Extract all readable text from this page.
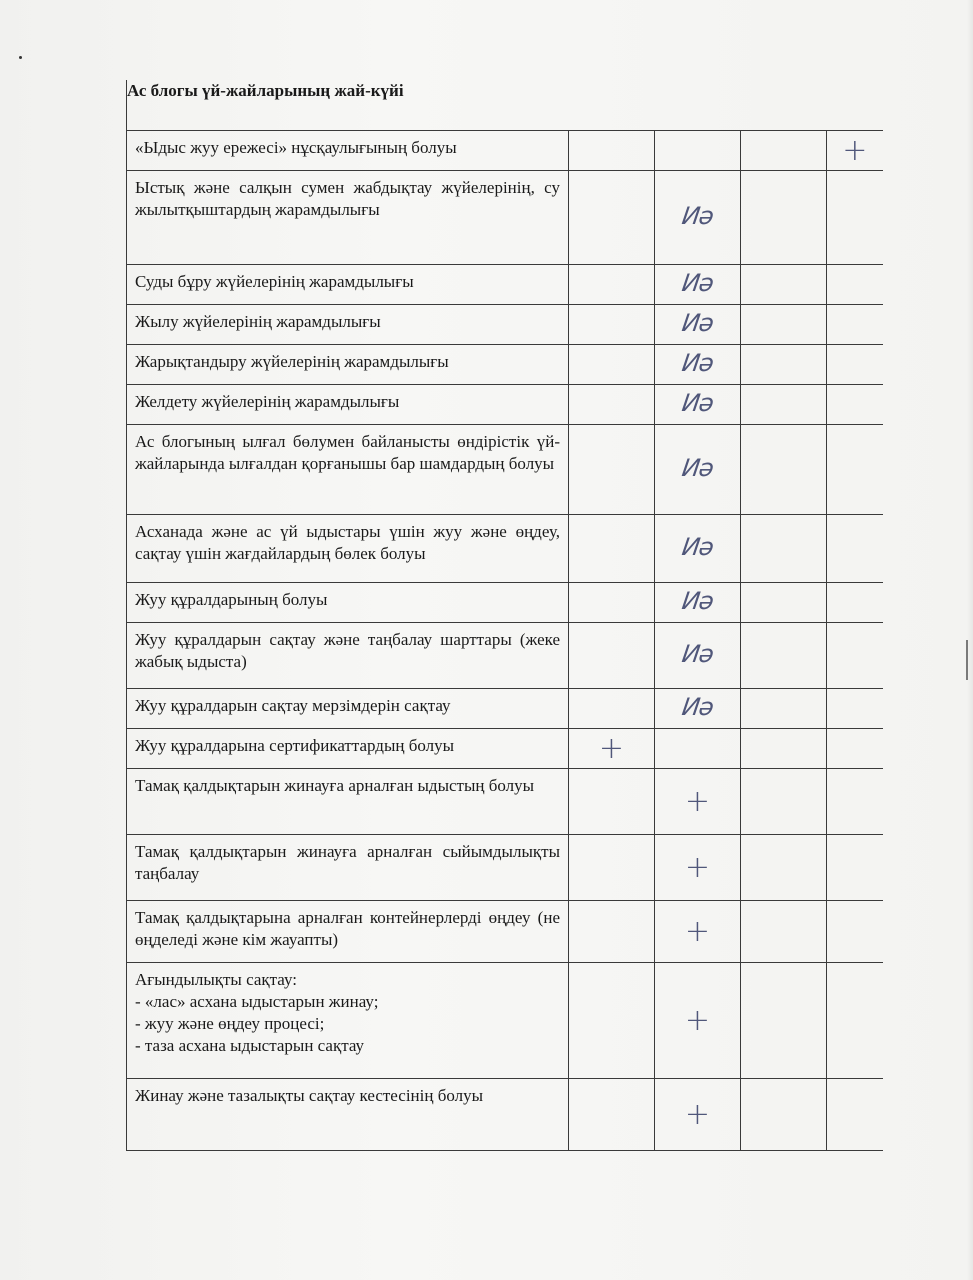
Ас блогы үй-жайларының жай-күйі				
«Ыдыс жуу ережесі» нұсқаулығының болуы				+
Ыстық және салқын сумен жабдықтау жүйелерінің, су жылытқыштардың жарамдылығы		Иә		
Суды бұру жүйелерінің жарамдылығы		Иә		
Жылу жүйелерінің жарамдылығы		Иә		
Жарықтандыру жүйелерінің жарамдылығы		Иә		
Желдету жүйелерінің жарамдылығы		Иә		
Ас блогының ылғал бөлумен байланысты өндірістік үй-жайларында ылғалдан қорғанышы бар шамдардың болуы		Иә		
Асханада және ас үй ыдыстары үшін жуу және өңдеу, сақтау үшін жағдайлардың бөлек болуы		Иә		
Жуу құралдарының болуы		Иә		
Жуу құралдарын сақтау және таңбалау шарттары (жеке жабық ыдыста)		Иә		
Жуу құралдарын сақтау мерзімдерін сақтау		Иә		
Жуу құралдарына сертификаттардың болуы	+			
Тамақ қалдықтарын жинауға арналған ыдыстың болуы		+		
Тамақ қалдықтарын жинауға арналған сыйымдылықты таңбалау		+		
Тамақ қалдықтарына арналған контейнерлерді өңдеу (не өңделеді және кім жауапты)		+		
Ағындылықты сақтау:
- «лас» асхана ыдыстарын жинау;
- жуу және өңдеу процесі;
- таза асхана ыдыстарын сақтау		+		
Жинау және тазалықты сақтау кестесінің болуы		+		
